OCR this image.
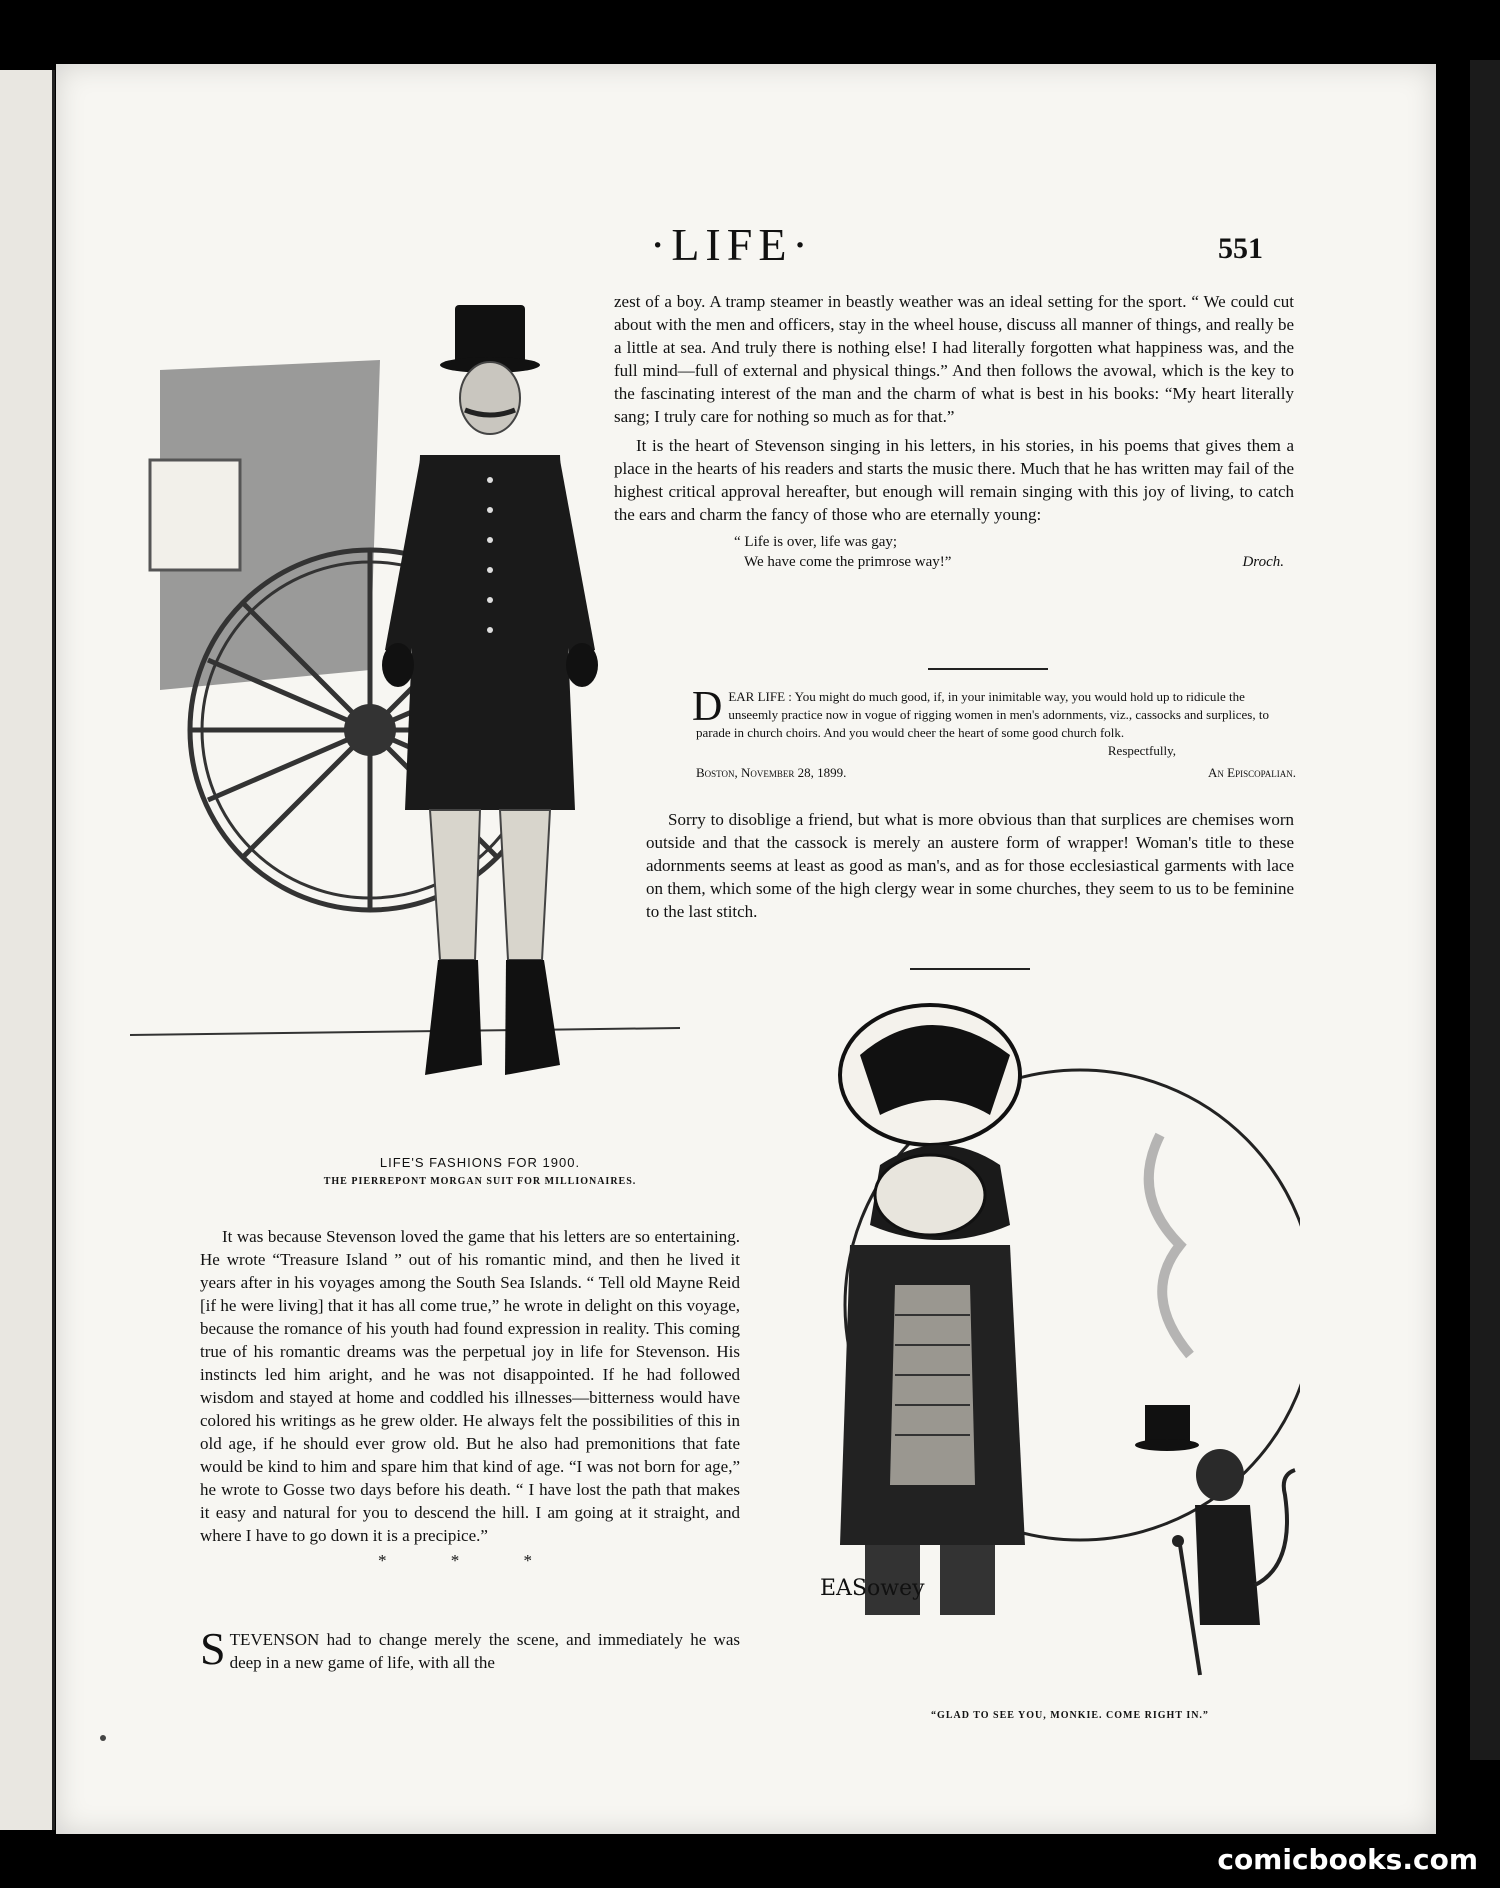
·LIFE·	551

zest of a boy. A tramp steamer in beastly weather was an ideal setting for the sport. “ We could cut about with the men and officers, stay in the wheel house, discuss all manner of things, and really be a little at sea. And truly there is nothing else! I had literally forgotten what happiness was, and the full mind—full of external and physical things.” And then follows the avowal, which is the key to the fascinating interest of the man and the charm of what is best in his books: “My heart literally sang; I truly care for nothing so much as for that.”

It is the heart of Stevenson singing in his letters, in his stories, in his poems that gives them a place in the hearts of his readers and starts the music there. Much that he has written may fail of the highest critical approval hereafter, but enough will remain singing with this joy of living, to catch the ears and charm the fancy of those who are eternally young:

“ Life is over, life was gay;
We have come the primrose way!”	Droch.
D EAR LIFE : You might do much good, if, in your inimitable way, you would hold up to ridicule the unseemly practice now in vogue of rigging women in men's adornments, viz., cassocks and surplices, to parade in church choirs. And you would cheer the heart of some good church folk.
Respectfully,
Boston, November 28, 1899.	An Episcopalian.
Sorry to disoblige a friend, but what is more obvious than that surplices are chemises worn outside and that the cassock is merely an austere form of wrapper! Woman's title to these adornments seems at least as good as man's, and as for those ecclesiastical garments with lace on them, which some of the high clergy wear in some churches, they seem to us to be feminine to the last stitch.
LIFE'S FASHIONS FOR 1900.
THE PIERREPONT MORGAN SUIT FOR MILLIONAIRES.
EASowey

It was because Stevenson loved the game that his letters are so entertaining. He wrote “Treasure Island ” out of his romantic mind, and then he lived it years after in his voyages among the South Sea Islands. “ Tell old Mayne Reid [if he were living] that it has all come true,” he wrote in delight on this voyage, because the romance of his youth had found expression in reality. This coming true of his romantic dreams was the perpetual joy in life for Stevenson. His instincts led him aright, and he was not disappointed. If he had followed wisdom and stayed at home and coddled his illnesses—bitterness would have colored his writings as he grew older. He always felt the possibilities of this in old age, if he should ever grow old. But he also had premonitions that fate would be kind to him and spare him that kind of age. “I was not born for age,” he wrote to Gosse two days before his death. “ I have lost the path that makes it easy and natural for you to descend the hill. I am going at it straight, and where I have to go down it is a precipice.”

* * *
S TEVENSON had to change merely the scene, and immediately he was deep in a new game of life, with all the
“GLAD TO SEE YOU, MONKIE. COME RIGHT IN.”
comicbooks.com
